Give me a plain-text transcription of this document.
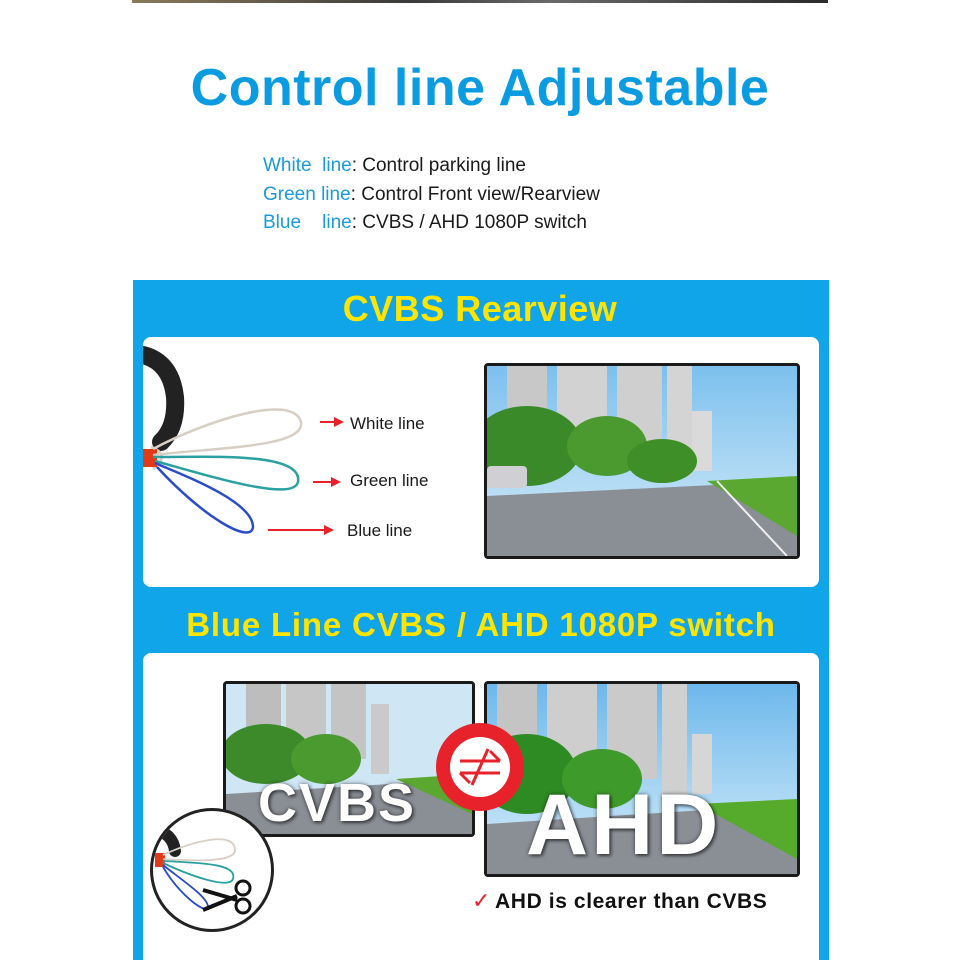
Control line Adjustable
White  line: Control parking line
Green line: Control Front view/Rearview
Blue    line: CVBS / AHD 1080P switch
CVBS Rearview
White line
Green line
Blue line
Blue Line CVBS / AHD 1080P switch
CVBS AHD
✓ AHD is clearer than CVBS
